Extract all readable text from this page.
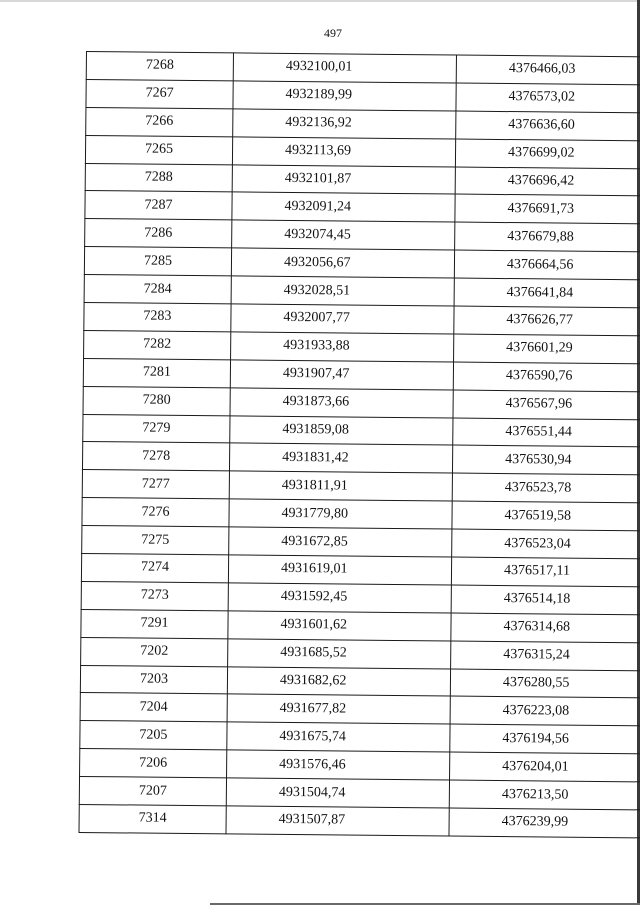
497
7268	4932100,01	4376466,03
7267	4932189,99	4376573,02
7266	4932136,92	4376636,60
7265	4932113,69	4376699,02
7288	4932101,87	4376696,42
7287	4932091,24	4376691,73
7286	4932074,45	4376679,88
7285	4932056,67	4376664,56
7284	4932028,51	4376641,84
7283	4932007,77	4376626,77
7282	4931933,88	4376601,29
7281	4931907,47	4376590,76
7280	4931873,66	4376567,96
7279	4931859,08	4376551,44
7278	4931831,42	4376530,94
7277	4931811,91	4376523,78
7276	4931779,80	4376519,58
7275	4931672,85	4376523,04
7274	4931619,01	4376517,11
7273	4931592,45	4376514,18
7291	4931601,62	4376314,68
7202	4931685,52	4376315,24
7203	4931682,62	4376280,55
7204	4931677,82	4376223,08
7205	4931675,74	4376194,56
7206	4931576,46	4376204,01
7207	4931504,74	4376213,50
7314	4931507,87	4376239,99
